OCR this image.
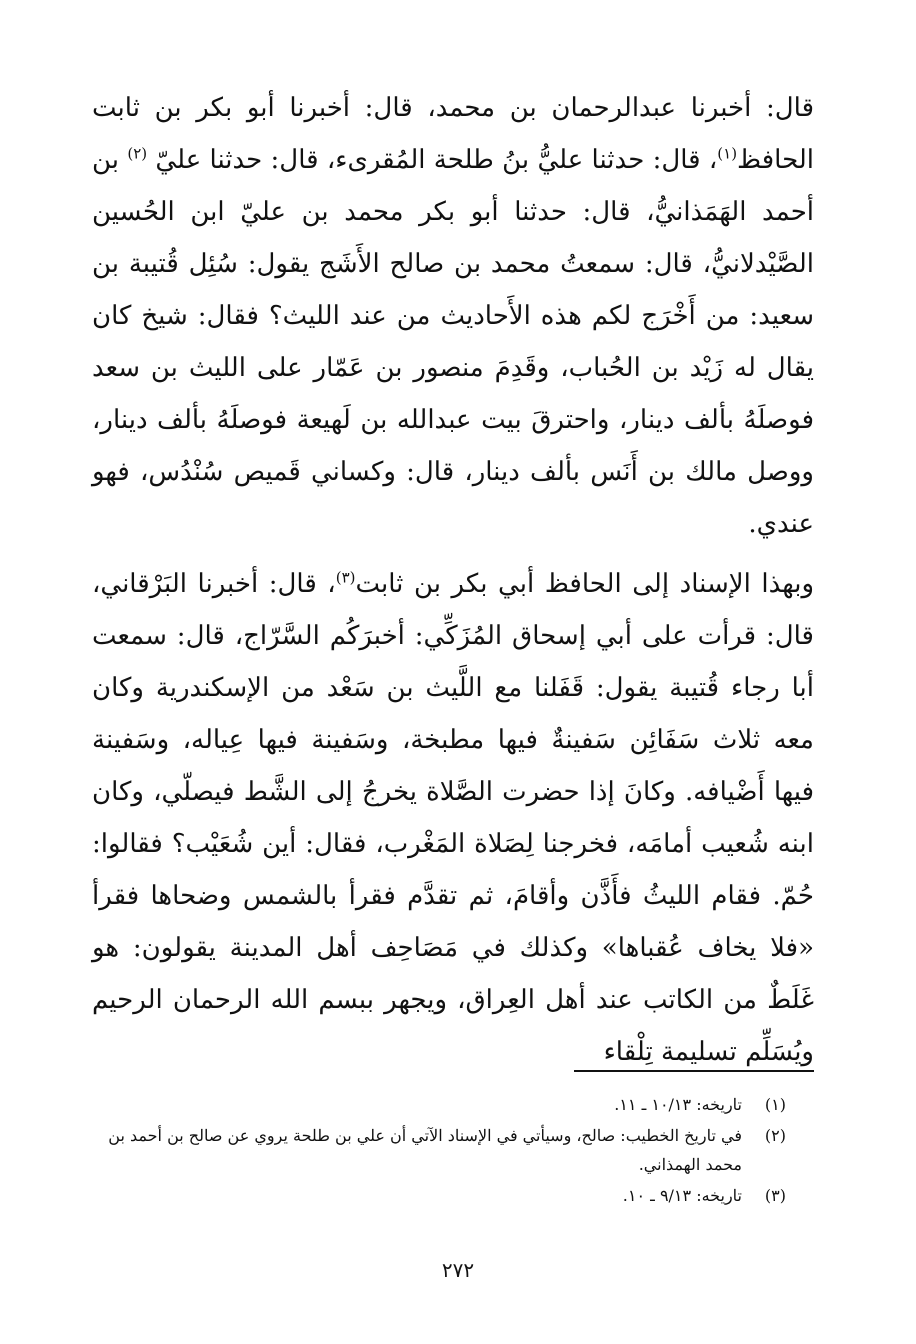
قال: أخبرنا عبدالرحمان بن محمد، قال: أخبرنا أبو بكر بن ثابت الحافظ$^{(١)}$، قال: حدثنا عليُّ بنُ طلحة المُقرىء، قال: حدثنا عليّ $^{(٢)}$ بن أحمد الهَمَذانيُّ، قال: حدثنا أبو بكر محمد بن عليّ ابن الحُسين الصَّيْدلانيُّ، قال: سمعتُ محمد بن صالح الأَشَج يقول: سُئِل قُتيبة بن سعيد: من أَخْرَج لكم هذه الأَحاديث من عند الليث؟ فقال: شيخ كان يقال له زَيْد بن الحُباب، وقَدِمَ منصور بن عَمّار على الليث بن سعد فوصلَهُ بألف دينار، واحترقَ بيت عبدالله بن لَهيعة فوصلَهُ بألف دينار، ووصل مالك بن أَنَس بألف دينار، قال: وكساني قَميص سُنْدُس، فهو عندي.

وبهذا الإسناد إلى الحافظ أبي بكر بن ثابت$^{(٣)}$، قال: أخبرنا البَرْقاني، قال: قرأت على أبي إسحاق المُزَكِّي: أخبرَكُم السَّرّاج، قال: سمعت أبا رجاء قُتيبة يقول: قَفَلنا مع اللَّيث بن سَعْد من الإسكندرية وكان معه ثلاث سَفَائِن سَفينةٌ فيها مطبخة، وسَفينة فيها عِياله، وسَفينة فيها أَضْيافه. وكانَ إذا حضرت الصَّلاة يخرجُ إلى الشَّط فيصلّي، وكان ابنه شُعيب أمامَه، فخرجنا لِصَلاة المَغْرب، فقال: أين شُعَيْب؟ فقالوا: حُمّ. فقام الليثُ فأَذَّن وأقامَ، ثم تقدَّم فقرأ بالشمس وضحاها فقرأ «فلا يخاف عُقباها» وكذلك في مَصَاحِف أهل المدينة يقولون: هو غَلَطٌ من الكاتب عند أهل العِراق، ويجهر ببسم الله الرحمان الرحيم ويُسَلِّم تسليمة تِلْقاء

(١)
تاريخه: ١٠/١٣ ـ ١١.
(٢)
في تاريخ الخطيب: صالح، وسيأتي في الإسناد الآتي أن علي بن طلحة يروي عن صالح بن أحمد بن محمد الهمذاني.
(٣)
تاريخه: ٩/١٣ ـ ١٠.
٢٧٢
